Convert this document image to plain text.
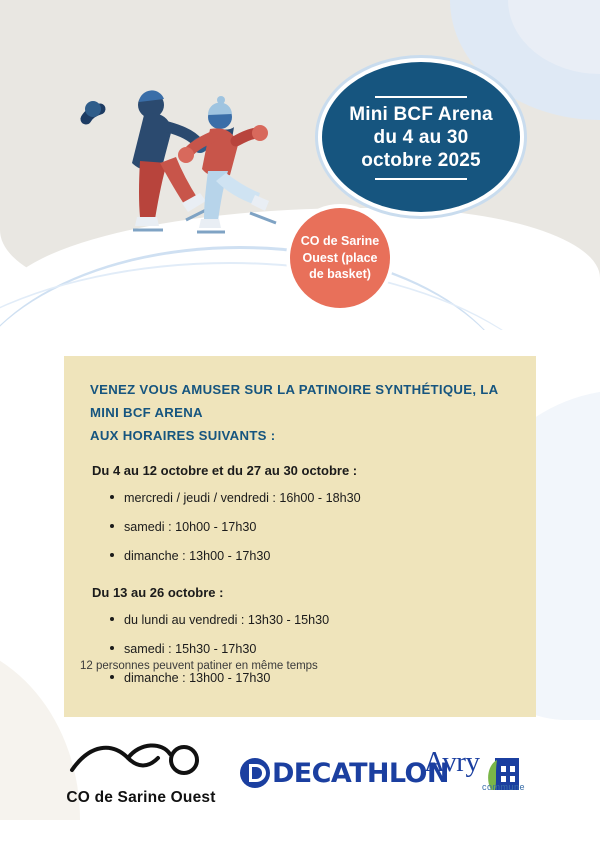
Mini BCF Arena
du 4 au 30
octobre 2025
CO de Sarine Ouest (place de basket)
VENEZ VOUS AMUSER SUR LA PATINOIRE SYNTHÉTIQUE, LA MINI BCF ARENA
AUX HORAIRES SUIVANTS :
Du 4 au 12 octobre et du 27 au 30 octobre :
mercredi / jeudi / vendredi : 16h00 - 18h30
samedi : 10h00 - 17h30
dimanche : 13h00 - 17h30
Du 13 au 26 octobre :
du lundi au vendredi : 13h30 - 15h30
samedi : 15h30 - 17h30
dimanche : 13h00 - 17h30
12 personnes peuvent patiner en même temps
CO de Sarine Ouest
DECATHLON
Avry
commune
